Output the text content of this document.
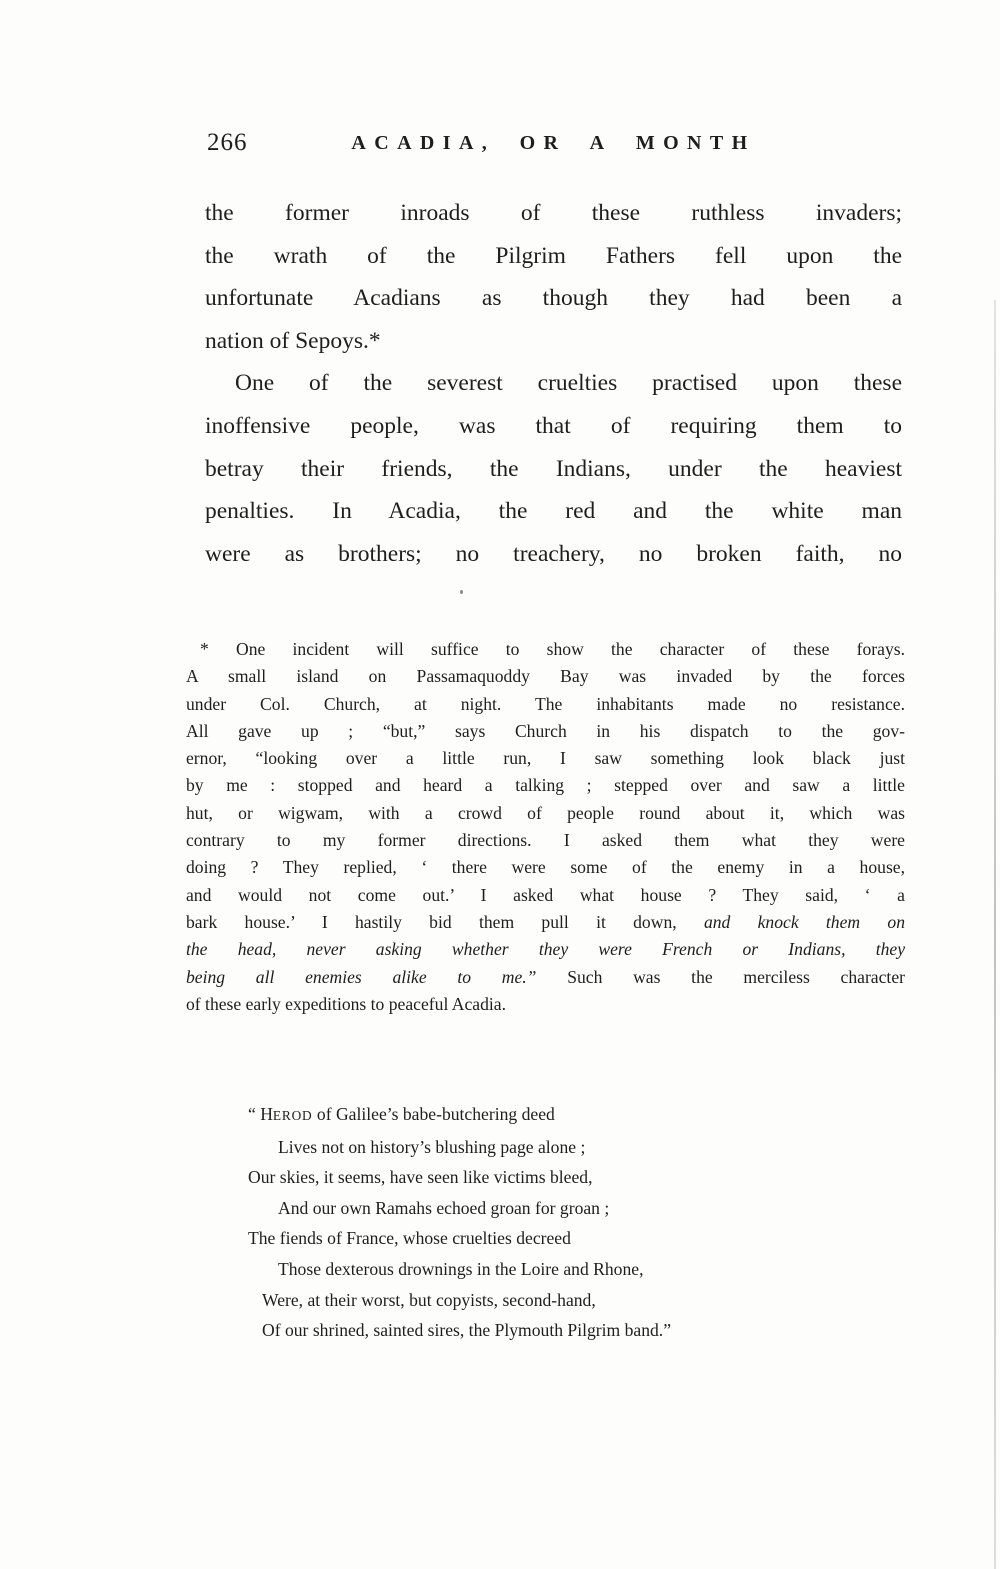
266	ACADIA, OR A MONTH
the former inroads of these ruthless invaders;
the wrath of the Pilgrim Fathers fell upon the
unfortunate Acadians as though they had been a
nation of Sepoys.*
One of the severest cruelties practised upon these
inoffensive people, was that of requiring them to
betray their friends, the Indians, under the heaviest
penalties. In Acadia, the red and the white man
were as brothers; no treachery, no broken faith, no
* One incident will suffice to show the character of these forays.
A small island on Passamaquoddy Bay was invaded by the forces
under Col. Church, at night. The inhabitants made no resistance.
All gave up ; “but,” says Church in his dispatch to the gov-
ernor, “looking over a little run, I saw something look black just
by me : stopped and heard a talking ; stepped over and saw a little
hut, or wigwam, with a crowd of people round about it, which was
contrary to my former directions. I asked them what they were
doing ? They replied, ‘ there were some of the enemy in a house,
and would not come out.’ I asked what house ? They said, ‘ a
bark house.’ I hastily bid them pull it down, and knock them on
the head, never asking whether they were French or Indians, they
being all enemies alike to me.” Such was the merciless character
of these early expeditions to peaceful Acadia.
“ HEROD of Galilee’s babe-butchering deed
Lives not on history’s blushing page alone ;
Our skies, it seems, have seen like victims bleed,
And our own Ramahs echoed groan for groan ;
The fiends of France, whose cruelties decreed
Those dexterous drownings in the Loire and Rhone,
Were, at their worst, but copyists, second-hand,
Of our shrined, sainted sires, the Plymouth Pilgrim band.”
